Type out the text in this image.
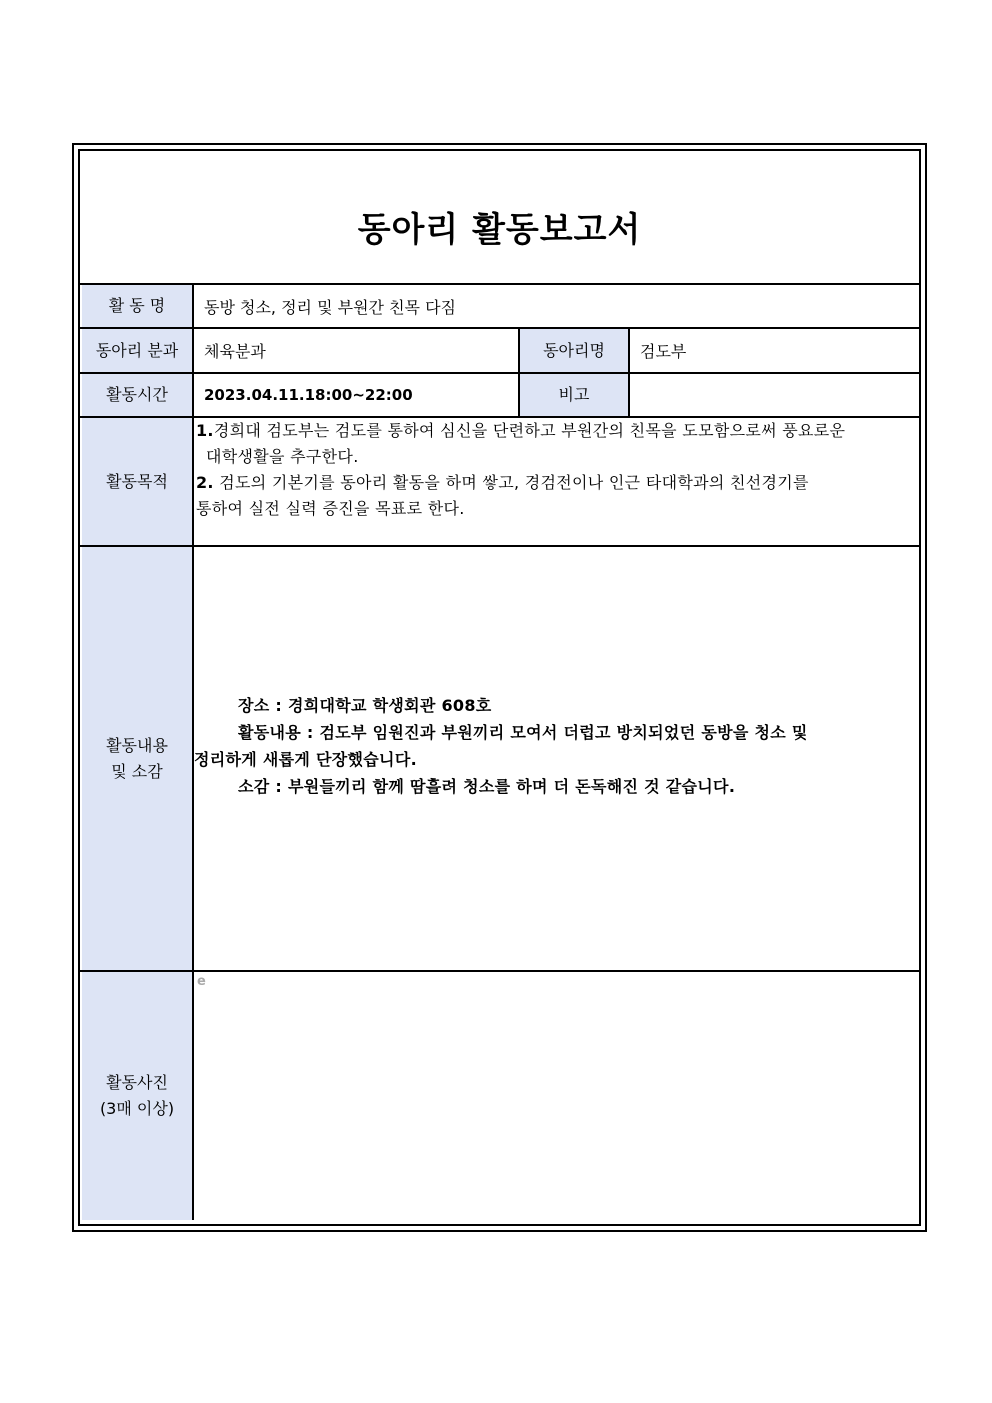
동아리 활동보고서
활 동 명
동아리 분과
활동시간
활동목적
활동내용
및 소감
활동사진
(3매 이상)
동아리명
비고
동방 청소, 정리 및 부원간 친목 다짐
체육분과	검도부
2023.04.11.18:00~22:00
1.경희대 검도부는 검도를 통하여 심신을 단련하고 부원간의 친목을 도모함으로써 풍요로운
대학생활을 추구한다.
2. 검도의 기본기를 동아리 활동을 하며 쌓고, 경검전이나 인근 타대학과의 친선경기를
통하여 실전 실력 증진을 목표로 한다.
장소 : 경희대학교 학생회관 608호
활동내용 : 검도부 임원진과 부원끼리 모여서 더럽고 방치되었던 동방을 청소 및
정리하게 새롭게 단장했습니다.
소감 : 부원들끼리 함께 땀흘려 청소를 하며 더 돈독해진 것 같습니다.
e
